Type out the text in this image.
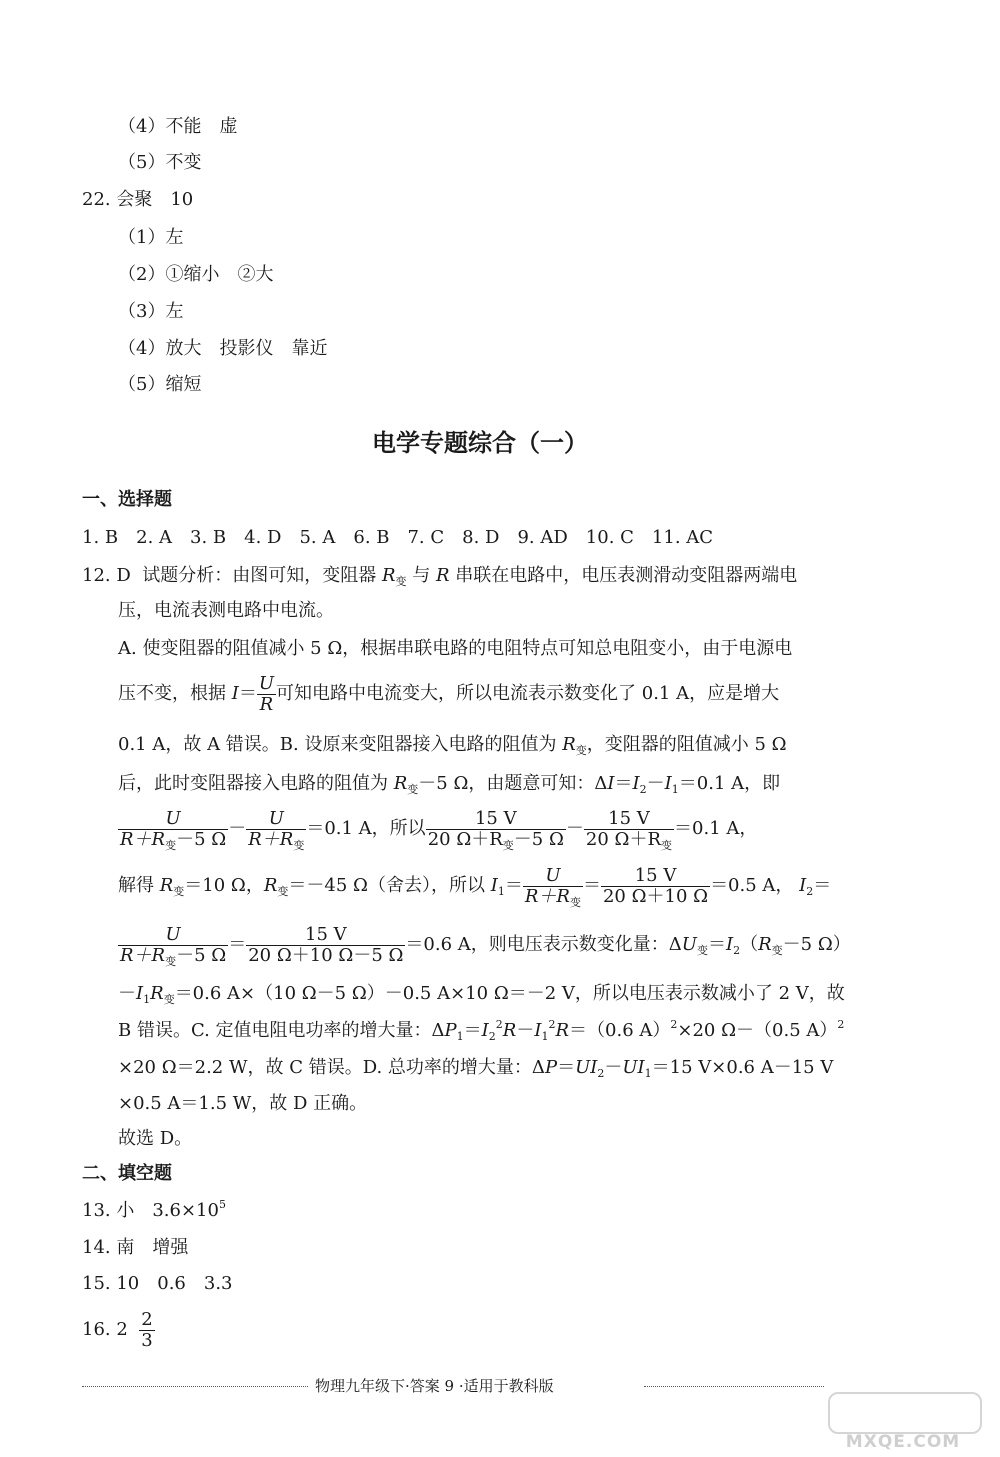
（4）不能　虚
（5）不变
22. 会聚　10
（1）左
（2）①缩小　②大
（3）左
（4）放大　投影仪　靠近
（5）缩短
电学专题综合（一）
一、选择题
1. B　2. A　3. B　4. D　5. A　6. B　7. C　8. D　9. AD　10. C　11. AC
12. D 试题分析：由图可知，变阻器 $R_变$ 与 R 串联在电路中，电压表测滑动变阻器两端电
压，电流表测电路中电流。
A. 使变阻器的阻值减小 5 Ω，根据串联电路的电阻特点可知总电阻变小，由于电源电
压不变，根据 $I= \frac{U}{R}$ 可知电路中电流变大，所以电流表示数变化了 0.1 A，应是增大
0.1 A，故 A 错误。B. 设原来变阻器接入电路的阻值为 $R_变$，变阻器的阻值减小 5 Ω
后，此时变阻器接入电路的阻值为 $R_变-5$ Ω，由题意可知：$\Delta I=I_2-I_1=0.1$ A，即
$\frac{U}{R+R_变-5 \Omega} - \frac{U}{R+R_变} =0.1$ A，所以 $\frac{15 V}{20 \Omega+R_变-5 \Omega} - \frac{15 V}{20 \Omega+R_变} =0.1$ A，
解得 $R_变=10$ Ω，$R_变=-45$ Ω（舍去），所以 $I_1= \frac{U}{R+R_变} = \frac{15 V}{20 \Omega+10 \Omega} =0.5$ A， $I_2=$
$\frac{U}{R+R_变-5 \Omega} = \frac{15 V}{20 \Omega+10 \Omega-5 \Omega} =0.6$ A，则电压表示数变化量：$\Delta U_变=I_2(R_变-5$ Ω）
$-I_1R_变=0.6$ A×（10 Ω－5 Ω）－0.5 A×10 Ω＝－2 V，所以电压表示数减小了 2 V，故
B 错误。C. 定值电阻电功率的增大量：$\Delta P_1=I_2^2R-I_1^2R=(0.6$ A）$^2$×20 Ω－（0.5 A）$^2$
×20 Ω＝2.2 W，故 C 错误。D. 总功率的增大量：$\Delta P=UI_2-UI_1=15$ V×0.6 A－15 V
×0.5 A＝1.5 W，故 D 正确。
故选 D。
二、填空题
13. 小　$3.6\times 10^5$
14. 南　增强
15. 10　0.6　3.3
16. $2 \frac{2}{3}$
物理九年级下·答案 9 ·适用于教科版
MXQE.COM
